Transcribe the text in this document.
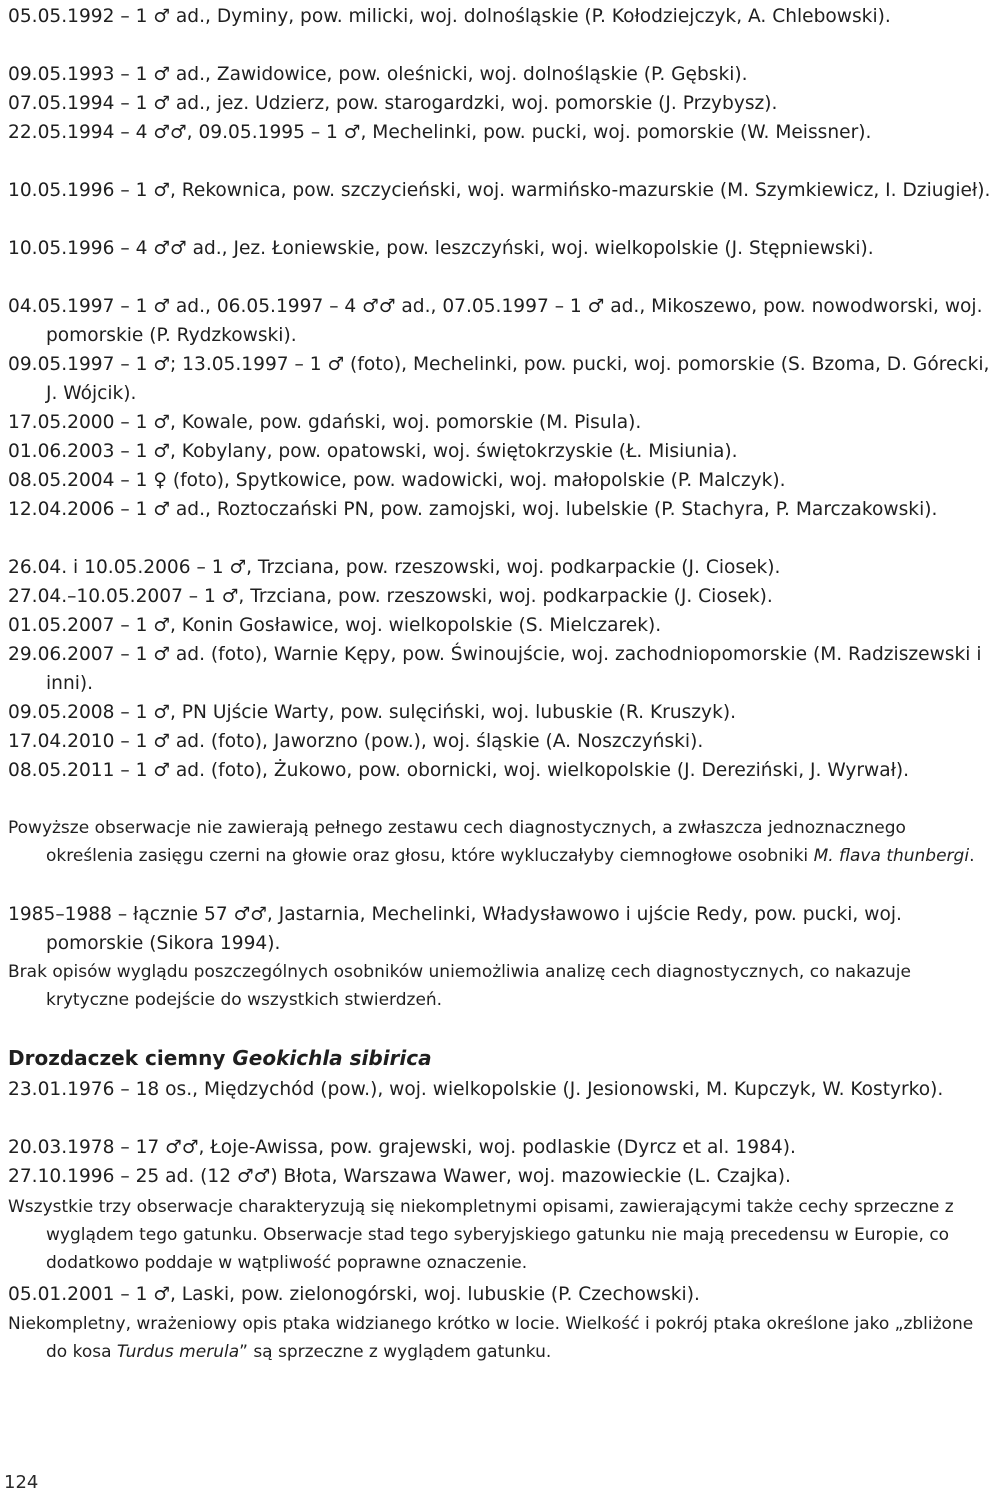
05.05.1992 – 1 ♂ ad., Dyminy, pow. milicki, woj. dolnośląskie (P. Kołodziejczyk, A. Chlebowski).

09.05.1993 – 1 ♂ ad., Zawidowice, pow. oleśnicki, woj. dolnośląskie (P. Gębski).

07.05.1994 – 1 ♂ ad., jez. Udzierz, pow. starogardzki, woj. pomorskie (J. Przybysz).

22.05.1994 – 4 ♂♂, 09.05.1995 – 1 ♂, Mechelinki, pow. pucki, woj. pomorskie (W. Meissner).

10.05.1996 – 1 ♂, Rekownica, pow. szczycieński, woj. warmińsko-mazurskie (M. Szymkiewicz, I. Dziugieł).

10.05.1996 – 4 ♂♂ ad., Jez. Łoniewskie, pow. leszczyński, woj. wielkopolskie (J. Stępniewski).

04.05.1997 – 1 ♂ ad., 06.05.1997 – 4 ♂♂ ad., 07.05.1997 – 1 ♂ ad., Mikoszewo, pow. nowodworski, woj. pomorskie (P. Rydzkowski).

09.05.1997 – 1 ♂; 13.05.1997 – 1 ♂ (foto), Mechelinki, pow. pucki, woj. pomorskie (S. Bzoma, D. Górecki, J. Wójcik).

17.05.2000 – 1 ♂, Kowale, pow. gdański, woj. pomorskie (M. Pisula).

01.06.2003 – 1 ♂, Kobylany, pow. opatowski, woj. świętokrzyskie (Ł. Misiunia).

08.05.2004 – 1 ♀ (foto), Spytkowice, pow. wadowicki, woj. małopolskie (P. Malczyk).

12.04.2006 – 1 ♂ ad., Roztoczański PN, pow. zamojski, woj. lubelskie (P. Stachyra, P. Marczakowski).

26.04. i 10.05.2006 – 1 ♂, Trzciana, pow. rzeszowski, woj. podkarpackie (J. Ciosek).

27.04.–10.05.2007 – 1 ♂, Trzciana, pow. rzeszowski, woj. podkarpackie (J. Ciosek).

01.05.2007 – 1 ♂, Konin Gosławice, woj. wielkopolskie (S. Mielczarek).

29.06.2007 – 1 ♂ ad. (foto), Warnie Kępy, pow. Świnoujście, woj. zachodniopomorskie (M. Radziszewski i inni).

09.05.2008 – 1 ♂, PN Ujście Warty, pow. sulęciński, woj. lubuskie (R. Kruszyk).

17.04.2010 – 1 ♂ ad. (foto), Jaworzno (pow.), woj. śląskie (A. Noszczyński).

08.05.2011 – 1 ♂ ad. (foto), Żukowo, pow. obornicki, woj. wielkopolskie (J. Dereziński, J. Wyrwał).

Powyższe obserwacje nie zawierają pełnego zestawu cech diagnostycznych, a zwłaszcza jednoznacznego określenia zasięgu czerni na głowie oraz głosu, które wykluczałyby ciemnogłowe osobniki M. flava thunbergi.

1985–1988 – łącznie 57 ♂♂, Jastarnia, Mechelinki, Władysławowo i ujście Redy, pow. pucki, woj. pomorskie (Sikora 1994).

Brak opisów wyglądu poszczególnych osobników uniemożliwia analizę cech diagnostycznych, co nakazuje krytyczne podejście do wszystkich stwierdzeń.

Drozdaczek ciemny Geokichla sibirica

23.01.1976 – 18 os., Międzychód (pow.), woj. wielkopolskie (J. Jesionowski, M. Kupczyk, W. Kostyrko).

20.03.1978 – 17 ♂♂, Łoje-Awissa, pow. grajewski, woj. podlaskie (Dyrcz et al. 1984).

27.10.1996 – 25 ad. (12 ♂♂) Błota, Warszawa Wawer, woj. mazowieckie (L. Czajka).

Wszystkie trzy obserwacje charakteryzują się niekompletnymi opisami, zawierającymi także cechy sprzeczne z wyglądem tego gatunku. Obserwacje stad tego syberyjskiego gatunku nie mają precedensu w Europie, co dodatkowo poddaje w wątpliwość poprawne oznaczenie.

05.01.2001 – 1 ♂, Laski, pow. zielonogórski, woj. lubuskie (P. Czechowski).

Niekompletny, wrażeniowy opis ptaka widzianego krótko w locie. Wielkość i pokrój ptaka określone jako „zbliżone do kosa Turdus merula” są sprzeczne z wyglądem gatunku.

124
